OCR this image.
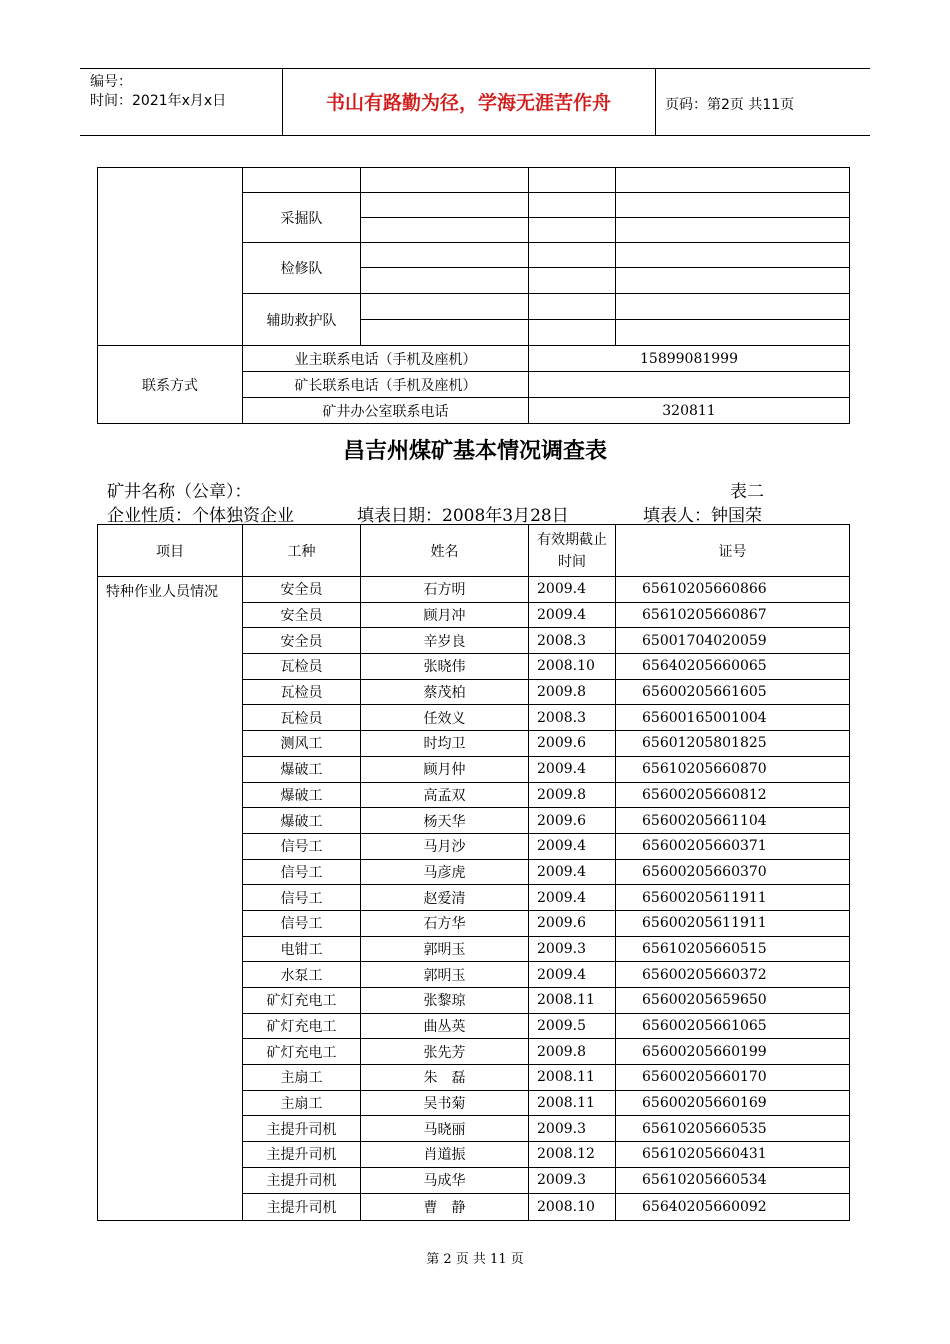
编号：
时间：2021年x月x日	书山有路勤为径，学海无涯苦作舟	页码：第2页 共11页

	采掘队			

	检修队			

	辅助救护队			

联系方式	业主联系电话（手机及座机）		15899081999	
	矿长联系电话（手机及座机）			
	矿井办公室联系电话		320811	
昌吉州煤矿基本情况调查表
矿井名称（公章）：	表二
企业性质：个体独资企业	填表日期：2008年3月28日	填表人：钟国荣
项目	工种	姓名	有效期截止时间	证号
特种作业人员情况	安全员	石方明	2009.4	65610205660866
	安全员	顾月冲	2009.4	65610205660867
	安全员	辛岁良	2008.3	65001704020059
	瓦检员	张晓伟	2008.10	65640205660065
	瓦检员	蔡茂柏	2009.8	65600205661605
	瓦检员	任效义	2008.3	65600165001004
	测风工	时均卫	2009.6	65601205801825
	爆破工	顾月仲	2009.4	65610205660870
	爆破工	高孟双	2009.8	65600205660812
	爆破工	杨天华	2009.6	65600205661104
	信号工	马月沙	2009.4	65600205660371
	信号工	马彦虎	2009.4	65600205660370
	信号工	赵爱清	2009.4	65600205611911
	信号工	石方华	2009.6	65600205611911
	电钳工	郭明玉	2009.3	65610205660515
	水泵工	郭明玉	2009.4	65600205660372
	矿灯充电工	张黎琼	2008.11	65600205659650
	矿灯充电工	曲丛英	2009.5	65600205661065
	矿灯充电工	张先芳	2009.8	65600205660199
	主扇工	朱　磊	2008.11	65600205660170
	主扇工	吴书菊	2008.11	65600205660169
	主提升司机	马晓丽	2009.3	65610205660535
	主提升司机	肖道振	2008.12	65610205660431
	主提升司机	马成华	2009.3	65610205660534
	主提升司机	曹　静	2008.10	65640205660092
第 2 页 共 11 页
